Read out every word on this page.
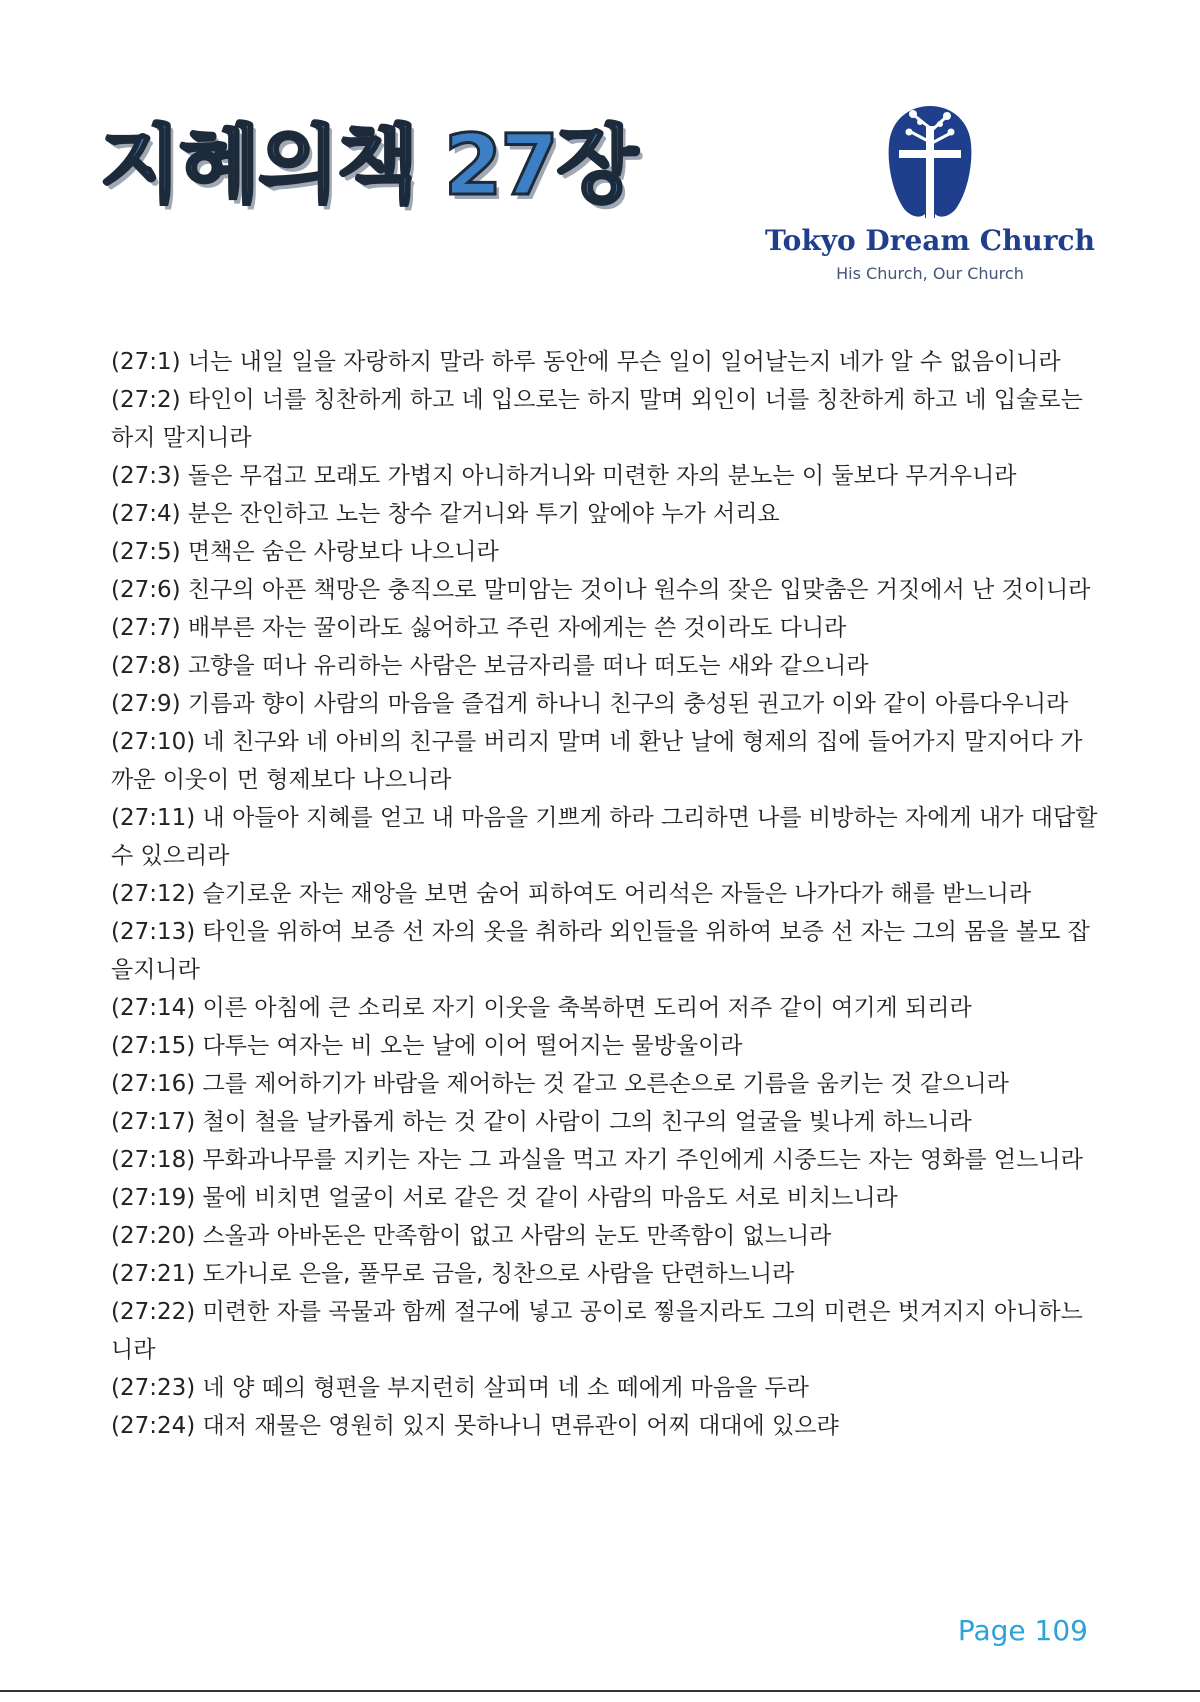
지혜의책 27장
Tokyo Dream Church
His Church, Our Church

(27:1) 너는 내일 일을 자랑하지 말라 하루 동안에 무슨 일이 일어날는지 네가 알 수 없음이니라

(27:2) 타인이 너를 칭찬하게 하고 네 입으로는 하지 말며 외인이 너를 칭찬하게 하고 네 입술로는 하지 말지니라

(27:3) 돌은 무겁고 모래도 가볍지 아니하거니와 미련한 자의 분노는 이 둘보다 무거우니라

(27:4) 분은 잔인하고 노는 창수 같거니와 투기 앞에야 누가 서리요

(27:5) 면책은 숨은 사랑보다 나으니라

(27:6) 친구의 아픈 책망은 충직으로 말미암는 것이나 원수의 잦은 입맞춤은 거짓에서 난 것이니라

(27:7) 배부른 자는 꿀이라도 싫어하고 주린 자에게는 쓴 것이라도 다니라

(27:8) 고향을 떠나 유리하는 사람은 보금자리를 떠나 떠도는 새와 같으니라

(27:9) 기름과 향이 사람의 마음을 즐겁게 하나니 친구의 충성된 권고가 이와 같이 아름다우니라

(27:10) 네 친구와 네 아비의 친구를 버리지 말며 네 환난 날에 형제의 집에 들어가지 말지어다 가까운 이웃이 먼 형제보다 나으니라

(27:11) 내 아들아 지혜를 얻고 내 마음을 기쁘게 하라 그리하면 나를 비방하는 자에게 내가 대답할 수 있으리라

(27:12) 슬기로운 자는 재앙을 보면 숨어 피하여도 어리석은 자들은 나가다가 해를 받느니라

(27:13) 타인을 위하여 보증 선 자의 옷을 취하라 외인들을 위하여 보증 선 자는 그의 몸을 볼모 잡을지니라

(27:14) 이른 아침에 큰 소리로 자기 이웃을 축복하면 도리어 저주 같이 여기게 되리라

(27:15) 다투는 여자는 비 오는 날에 이어 떨어지는 물방울이라

(27:16) 그를 제어하기가 바람을 제어하는 것 같고 오른손으로 기름을 움키는 것 같으니라

(27:17) 철이 철을 날카롭게 하는 것 같이 사람이 그의 친구의 얼굴을 빛나게 하느니라

(27:18) 무화과나무를 지키는 자는 그 과실을 먹고 자기 주인에게 시중드는 자는 영화를 얻느니라

(27:19) 물에 비치면 얼굴이 서로 같은 것 같이 사람의 마음도 서로 비치느니라

(27:20) 스올과 아바돈은 만족함이 없고 사람의 눈도 만족함이 없느니라

(27:21) 도가니로 은을, 풀무로 금을, 칭찬으로 사람을 단련하느니라

(27:22) 미련한 자를 곡물과 함께 절구에 넣고 공이로 찧을지라도 그의 미련은 벗겨지지 아니하느니라

(27:23) 네 양 떼의 형편을 부지런히 살피며 네 소 떼에게 마음을 두라

(27:24) 대저 재물은 영원히 있지 못하나니 면류관이 어찌 대대에 있으랴

Page 109
